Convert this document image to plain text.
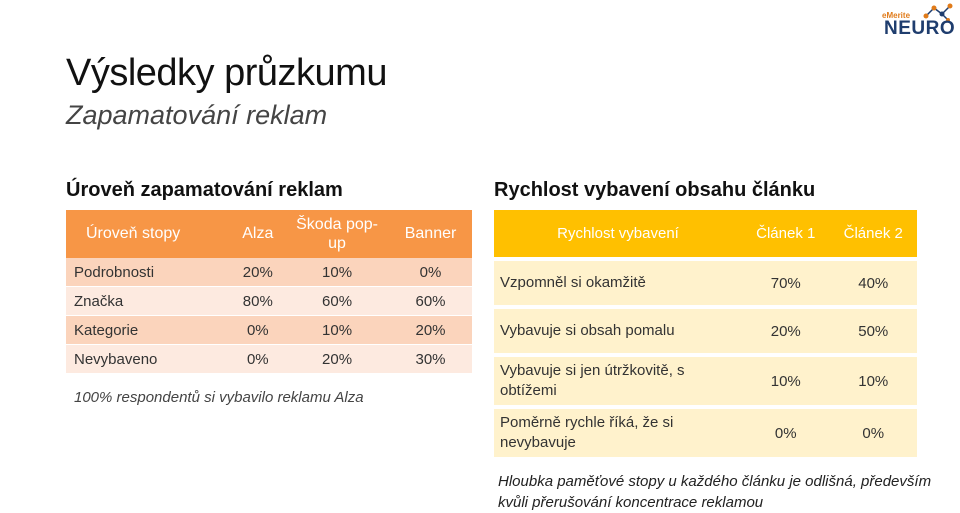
eMerite
NEURO
Výsledky průzkumu
Zapamatování reklam
Úroveň zapamatování reklam
Úroveň stopy	Alza	Škoda pop-up	Banner
Podrobnosti	20%	10%	0%
Značka	80%	60%	60%
Kategorie	0%	10%	20%
Nevybaveno	0%	20%	30%
100% respondentů si vybavilo reklamu Alza
Rychlost vybavení obsahu článku
Rychlost vybavení	Článek 1	Článek 2
Vzpomněl si okamžitě	70%	40%
Vybavuje si obsah pomalu	20%	50%
Vybavuje si jen útržkovitě, s obtížemi	10%	10%
Poměrně rychle říká, že si nevybavuje	0%	0%
Hloubka paměťové stopy u každého článku je odlišná, především kvůli přerušování koncentrace reklamou
